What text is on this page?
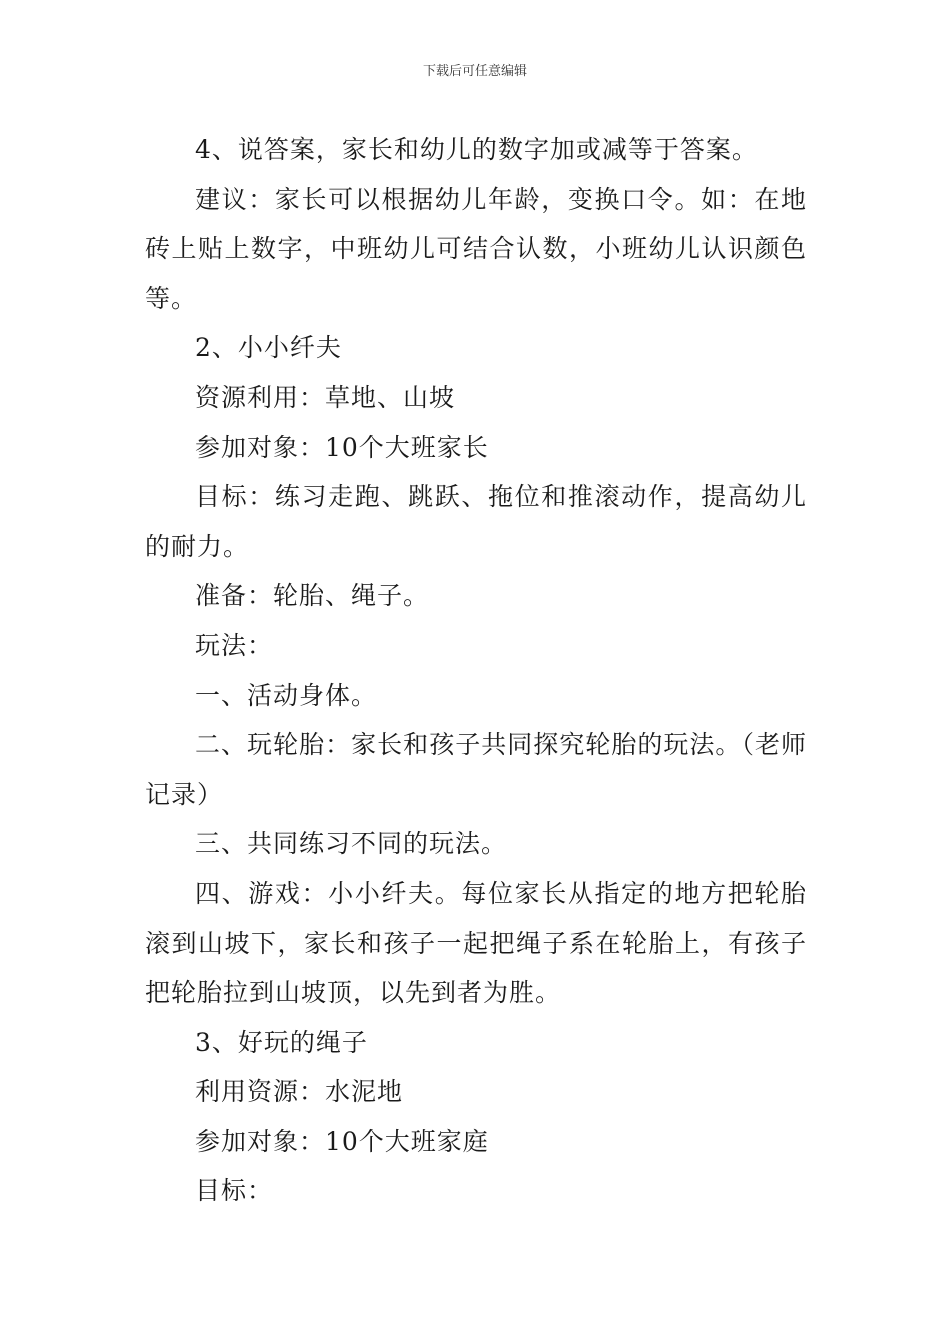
下载后可任意编辑

4、说答案，家长和幼儿的数字加或减等于答案。

建议：家长可以根据幼儿年龄，变换口令。如：在地砖上贴上数字，中班幼儿可结合认数，小班幼儿认识颜色等。

2、小小纤夫

资源利用：草地、山坡

参加对象：10个大班家长

目标：练习走跑、跳跃、拖位和推滚动作，提高幼儿的耐力。

准备：轮胎、绳子。

玩法：

一、活动身体。

二、玩轮胎：家长和孩子共同探究轮胎的玩法。（老师记录）

三、共同练习不同的玩法。

四、游戏：小小纤夫。每位家长从指定的地方把轮胎滚到山坡下，家长和孩子一起把绳子系在轮胎上，有孩子把轮胎拉到山坡顶，以先到者为胜。

3、好玩的绳子

利用资源：水泥地

参加对象：10个大班家庭

目标：
